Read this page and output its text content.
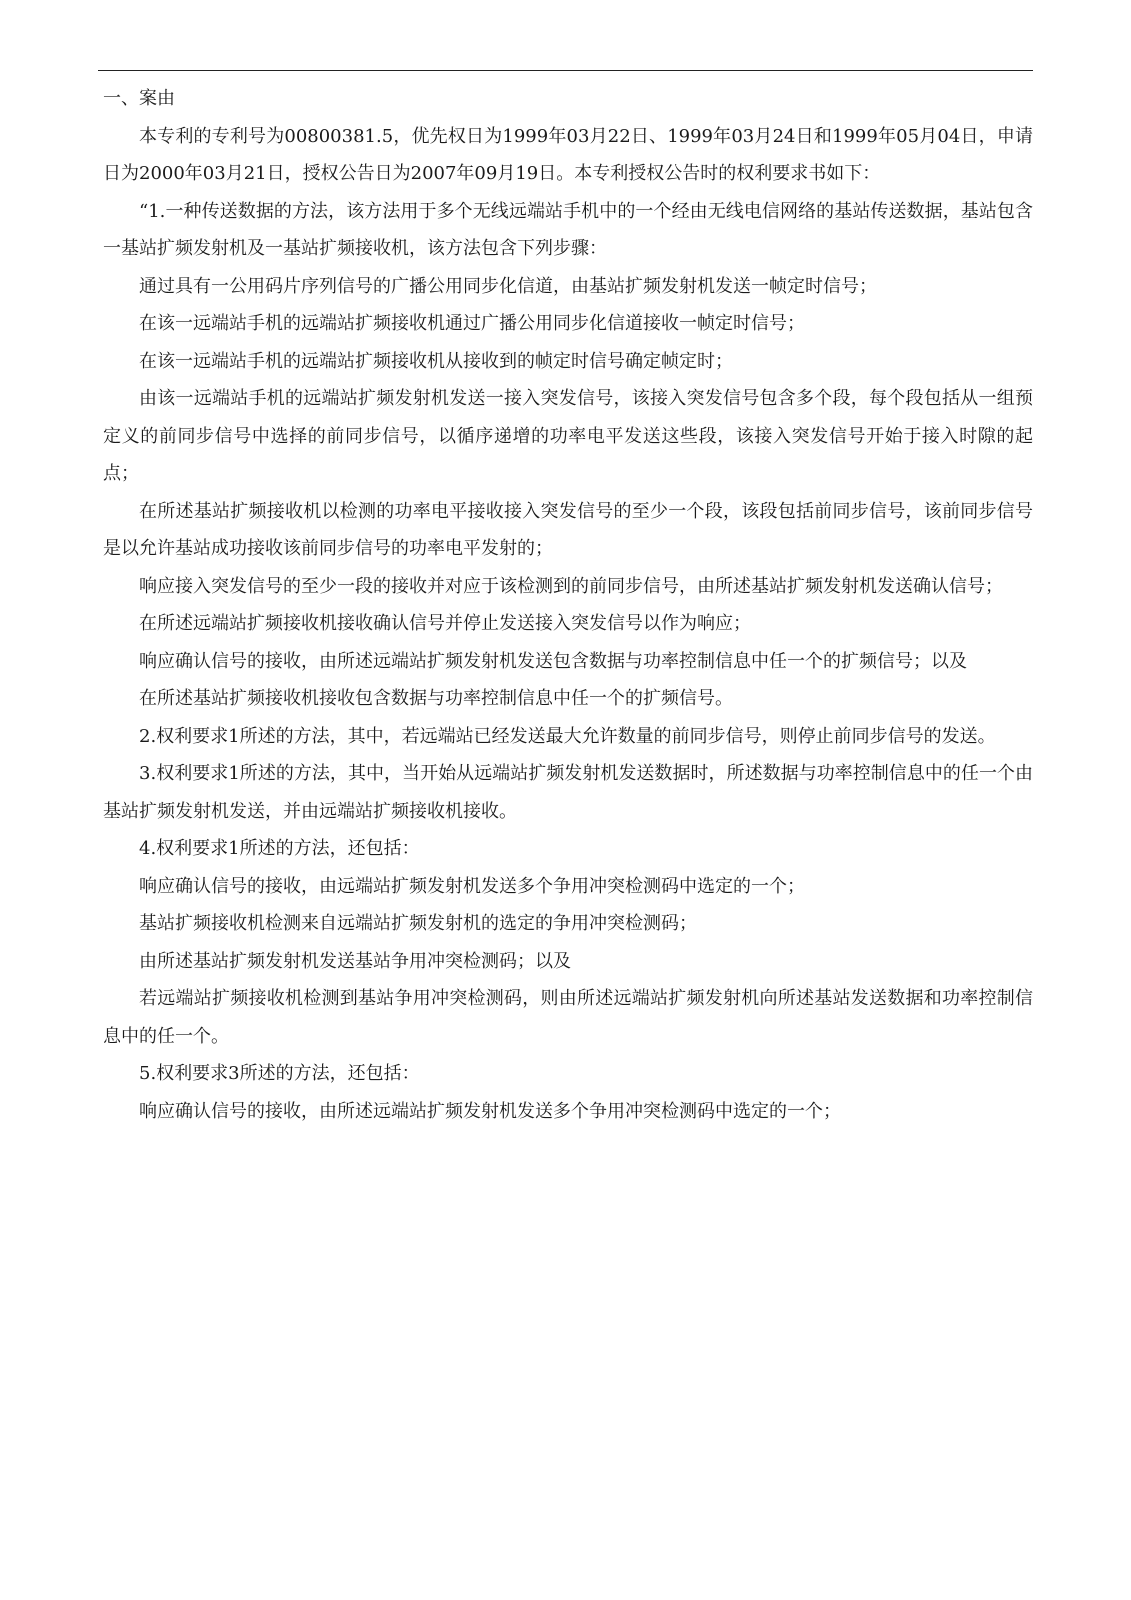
一、案由

本专利的专利号为00800381.5，优先权日为1999年03月22日、1999年03月24日和1999年05月04日，申请日为2000年03月21日，授权公告日为2007年09月19日。本专利授权公告时的权利要求书如下：

“1.一种传送数据的方法，该方法用于多个无线远端站手机中的一个经由无线电信网络的基站传送数据，基站包含一基站扩频发射机及一基站扩频接收机，该方法包含下列步骤：

通过具有一公用码片序列信号的广播公用同步化信道，由基站扩频发射机发送一帧定时信号；

在该一远端站手机的远端站扩频接收机通过广播公用同步化信道接收一帧定时信号；

在该一远端站手机的远端站扩频接收机从接收到的帧定时信号确定帧定时；

由该一远端站手机的远端站扩频发射机发送一接入突发信号，该接入突发信号包含多个段，每个段包括从一组预定义的前同步信号中选择的前同步信号，以循序递增的功率电平发送这些段，该接入突发信号开始于接入时隙的起点；

在所述基站扩频接收机以检测的功率电平接收接入突发信号的至少一个段，该段包括前同步信号，该前同步信号是以允许基站成功接收该前同步信号的功率电平发射的；

响应接入突发信号的至少一段的接收并对应于该检测到的前同步信号，由所述基站扩频发射机发送确认信号；

在所述远端站扩频接收机接收确认信号并停止发送接入突发信号以作为响应；

响应确认信号的接收，由所述远端站扩频发射机发送包含数据与功率控制信息中任一个的扩频信号；以及

在所述基站扩频接收机接收包含数据与功率控制信息中任一个的扩频信号。

2.权利要求1所述的方法，其中，若远端站已经发送最大允许数量的前同步信号，则停止前同步信号的发送。

3.权利要求1所述的方法，其中，当开始从远端站扩频发射机发送数据时，所述数据与功率控制信息中的任一个由基站扩频发射机发送，并由远端站扩频接收机接收。

4.权利要求1所述的方法，还包括：

响应确认信号的接收，由远端站扩频发射机发送多个争用冲突检测码中选定的一个；

基站扩频接收机检测来自远端站扩频发射机的选定的争用冲突检测码；

由所述基站扩频发射机发送基站争用冲突检测码；以及

若远端站扩频接收机检测到基站争用冲突检测码，则由所述远端站扩频发射机向所述基站发送数据和功率控制信息中的任一个。

5.权利要求3所述的方法，还包括：

响应确认信号的接收，由所述远端站扩频发射机发送多个争用冲突检测码中选定的一个；
